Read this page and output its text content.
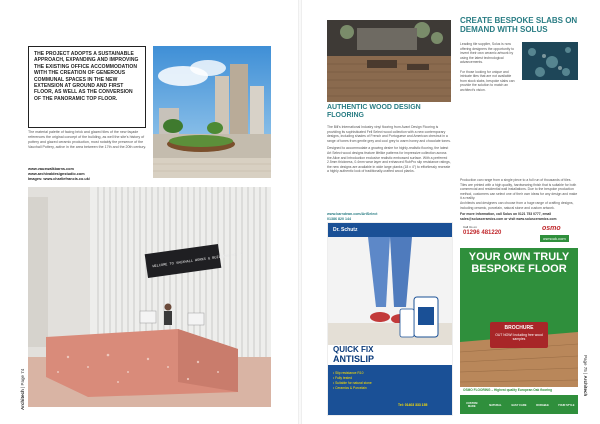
THE PROJECT ADOPTS A SUSTAINABLE APPROACH, EXPANDING AND IMPROVING THE EXISTING OFFICE ACCOMMODATION WITH THE CREATION OF GENEROUS COMMUNAL SPACES IN THE NEW EXTENSION AT GROUND AND FIRST FLOOR, AS WELL AS THE CONVERSION OF THE PANORAMIC TOP FLOOR.

The material palette of facing brick and glazed tiles of the new façade references the original concept of the building, as well the site's history of pottery and glazed ceramic production, most notably the presence of the Vauxhall Pottery, active in the area between the 17th and the 20th century.

www.vauxwalkbarns.com
www.archivaldesignstudio.com
Images: www.charliefrancis.co.uk/
WELCOME TO VAUXHALL WORKS & BUILDING NO. 1
Architech | Page 74
AUTHENTIC WOOD DESIGN FLOORING

The Bill's International Industry vinyl flooring from Avant Design Flooring is providing its sophisticated Fell Select wood collection with a new contemporary designs, including shades of French and Portuguese and American chestnut in a range of tones from gentle grey and cool grey to warm honey and chocolate tones.

Designed to accommodate a growing desire for highly-realistic flooring, the latest Art Select wood designs feature lifelike patterns for impressive collection across the Alice and Introduction exclusive realistic embossed surface. With a preferred 2.5mm thickness, 0.4mm wear layer and enhanced RubPro slip resistance ratings, the new designs are available in wide large planks (18 x 4") to effortlessly recreate a highly authentic look of traditionally-crafted wood planks.

www.karndean.com/ArtSelect
01386 820 144
CREATE BESPOKE SLABS ON DEMAND WITH SOLUS

Leading tile supplier, Solus is now offering designers the opportunity to invent their own ceramic artwork by using the latest technological advancements.

For those looking for unique and intricate tiles that are not available from stock slabs, bespoke slabs can provide the solution to match an architect's vision.

Production can range from a single piece to a full run of thousands of tiles. Tiles are printed with a high quality, hardwearing finish that is suitable for both commercial and residential wall installations. Due to the bespoke production method, customers can select one of their own ideas for any design and make it a reality.
Architects and designers can choose from a huge range of crafting designs, including ceramic, porcelain, natural stone and custom artwork.

For more information, call Solus on 0121 753 0777, email sales@solusceramics.com or visit www.solusceramics.com
Dr. Schutz
QUICK FIX
ANTISLIP
• Slip resistance R10
• Fully tested
• Suitable for natural stone
• Ceramics & Porcelain
Tel: 01403 333 155
Call Us on
01296 481220
osmo
osmouk.com
YOUR OWN TRULY BESPOKE FLOOR
BROCHURE
OUT NOW! Including free wood samples
OSMO FLOORING – Highest quality European Oak flooring
CUSTOM MADE	NATURAL	EASY CARE	DURABLE	YOUR STYLE
Page 75 | Architech
